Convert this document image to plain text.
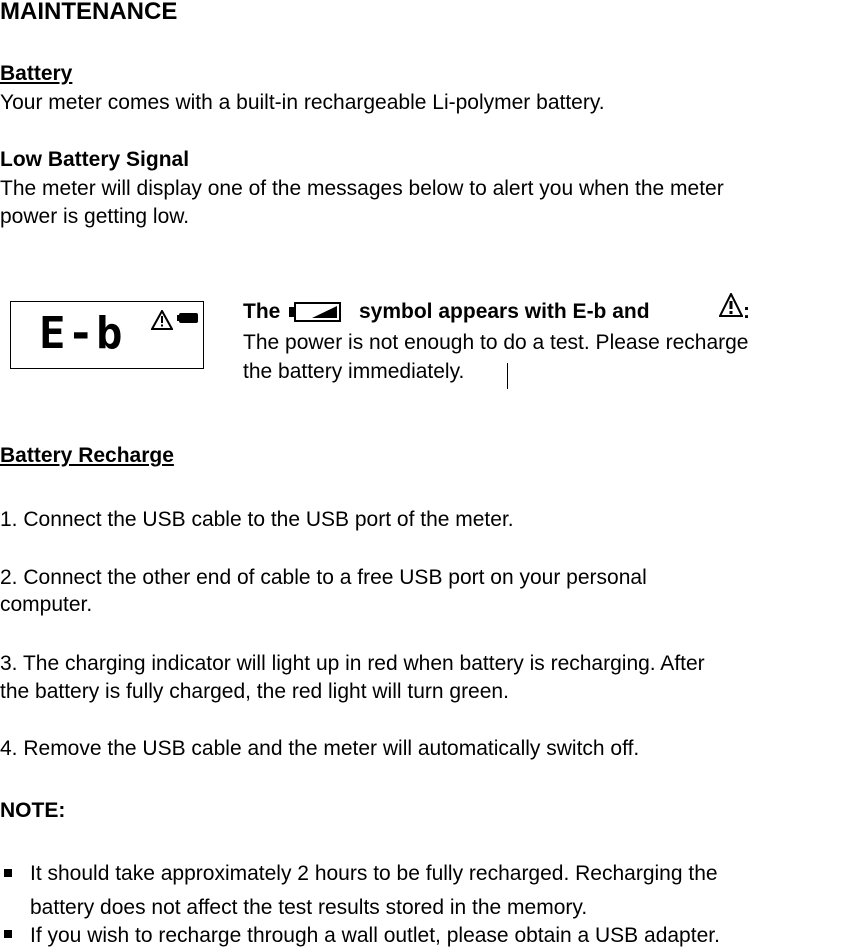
MAINTENANCE
Battery
Your meter comes with a built-in rechargeable Li-polymer battery.
Low Battery Signal
The meter will display one of the messages below to alert you when the meter
power is getting low.
E-b	The	symbol appears with E-b and	:
The power is not enough to do a test. Please recharge
the battery immediately.
Battery Recharge
1. Connect the USB cable to the USB port of the meter.
2. Connect the other end of cable to a free USB port on your personal
computer.
3. The charging indicator will light up in red when battery is recharging. After
the battery is fully charged, the red light will turn green.
4. Remove the USB cable and the meter will automatically switch off.
NOTE:
It should take approximately 2 hours to be fully recharged. Recharging the
battery does not affect the test results stored in the memory.
If you wish to recharge through a wall outlet, please obtain a USB adapter.
